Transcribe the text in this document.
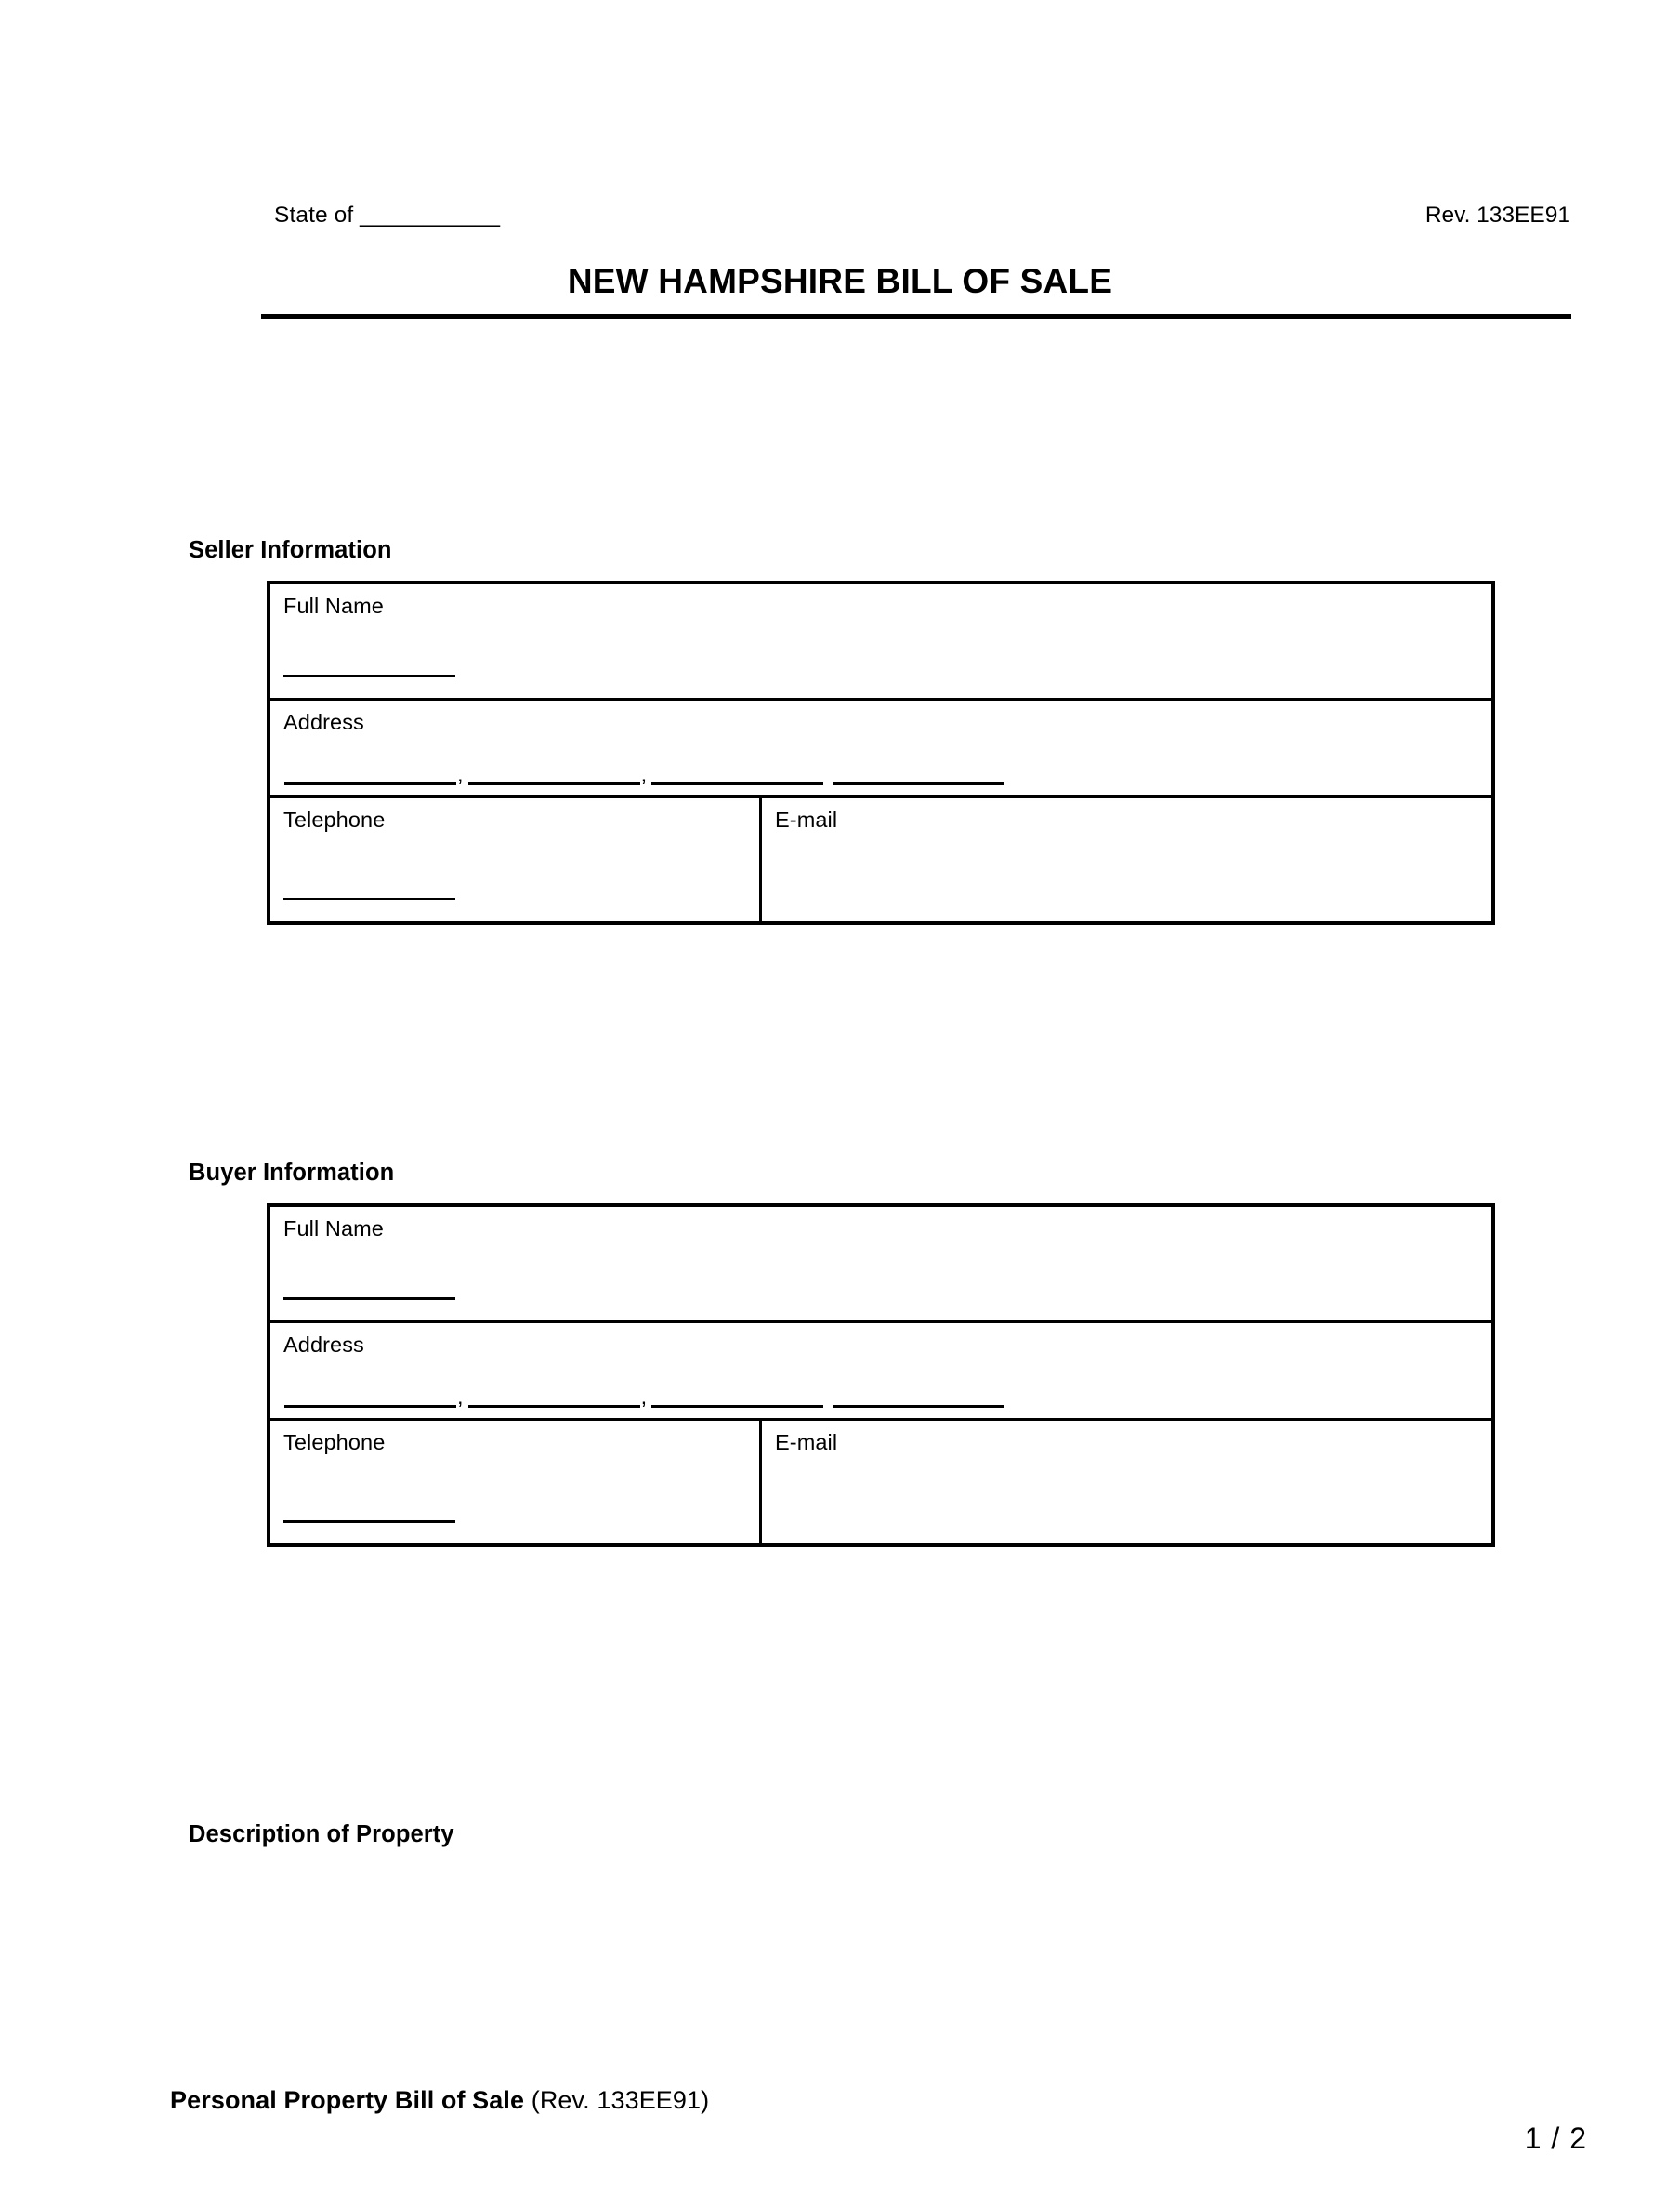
State of ___________	Rev. 133EE91
NEW HAMPSHIRE BILL OF SALE
Seller Information
Full Name
Address
,	,
Telephone	E-mail
Buyer Information
Full Name
Address
,	,
Telephone	E-mail
Description of Property
Personal Property Bill of Sale (Rev. 133EE91)
1 / 2
